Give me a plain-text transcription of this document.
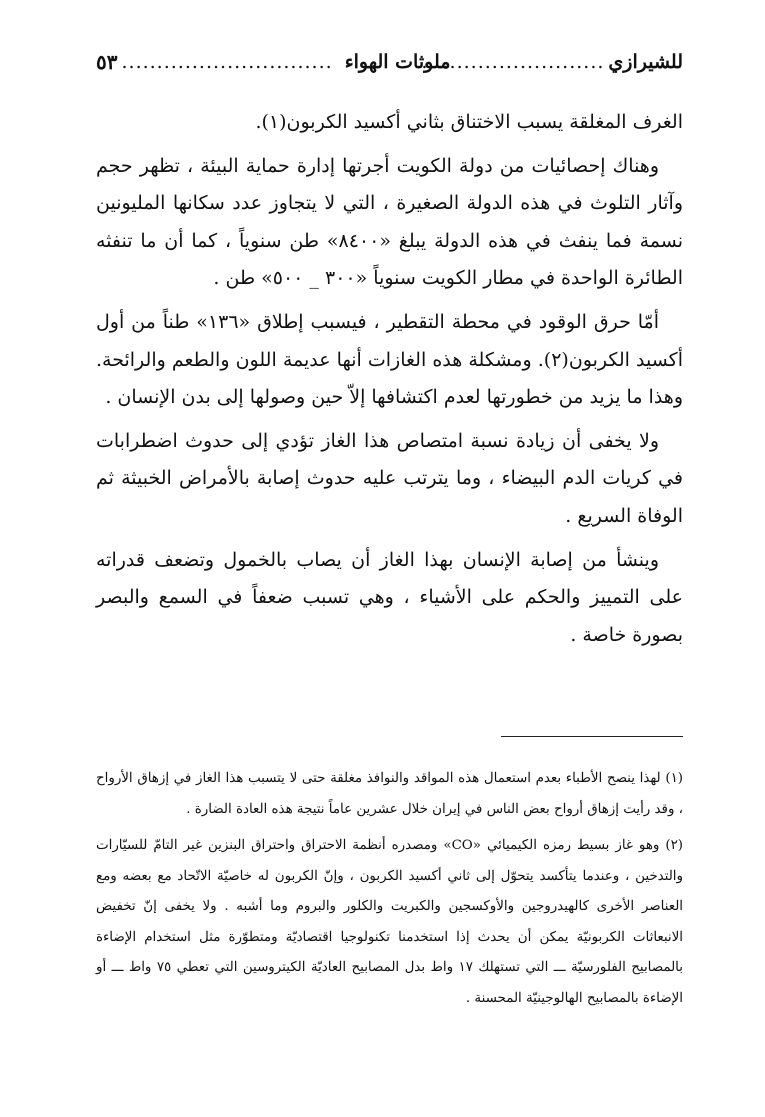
للشيرازي
..........................
ملوثات الهواء
..............................
٥٣

الغرف المغلقة يسبب الاختناق بثاني أكسيد الكربون(١).

وهناك إحصائيات من دولة الكويت أجرتها إدارة حماية البيئة ، تظهر حجم وآثار التلوث في هذه الدولة الصغيرة ، التي لا يتجاوز عدد سكانها المليونين نسمة فما ينفث في هذه الدولة يبلغ «٨٤٠٠» طن سنوياً ، كما أن ما تنفثه الطائرة الواحدة في مطار الكويت سنوياً «٣٠٠ _ ٥٠٠» طن .

أمّا حرق الوقود في محطة التقطير ، فيسبب إطلاق «١٣٦» طناً من أول أكسيد الكربون(٢). ومشكلة هذه الغازات أنها عديمة اللون والطعم والرائحة. وهذا ما يزيد من خطورتها لعدم اكتشافها إلاّ حين وصولها إلى بدن الإنسان .

ولا يخفى أن زيادة نسبة امتصاص هذا الغاز تؤدي إلى حدوث اضطرابات في كريات الدم البيضاء ، وما يترتب عليه حدوث إصابة بالأمراض الخبيثة ثم الوفاة السريع .

وينشأ من إصابة الإنسان بهذا الغاز أن يصاب بالخمول وتضعف قدراته على التمييز والحكم على الأشياء ، وهي تسبب ضعفاً في السمع والبصر بصورة خاصة .

(١) لهذا ينصح الأطباء بعدم استعمال هذه المواقد والنوافذ مغلقة حتى لا يتسبب هذا الغاز في إزهاق الأرواح ، وقد رأيت إزهاق أرواح بعض الناس في إيران خلال عشرين عاماً نتيجة هذه العادة الضارة .

(٢) وهو غاز بسيط رمزه الكيميائي «CO» ومصدره أنظمة الاحتراق واحتراق البنزين غير التامّ للسيّارات والتدخين ، وعندما يتأكسد يتحوّل إلى ثاني أكسيد الكربون ، وإنّ الكربون له خاصيّة الاتّحاد مع بعضه ومع العناصر الأخرى كالهيدروجين والأوكسجين والكبريت والكلور والبروم وما أشبه . ولا يخفى إنّ تخفيض الانبعاثات الكربونيّة يمكن أن يحدث إذا استخدمنا تكنولوجيا اقتصاديّة ومتطوّرة مثل استخدام الإضاءة بالمصابيح الفلورسيّة ـــ التي تستهلك ١٧ واط بدل المصابيح العاديّة الكيتروسين التي تعطي ٧٥ واط ـــ أو الإضاءة بالمصابيح الهالوجينيّة المحسنة .
